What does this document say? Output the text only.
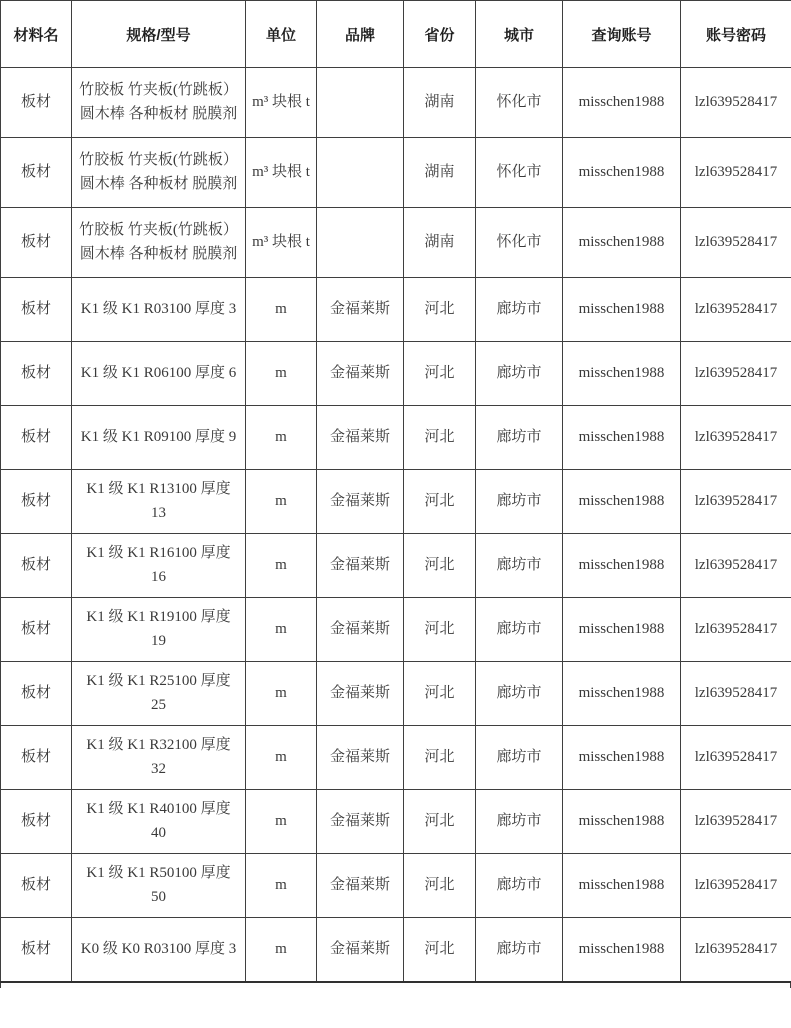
材料名	规格/型号	单位	品牌	省份	城市	查询账号	账号密码
板材	竹胶板 竹夹板(竹跳板） 圆木棒 各种板材 脱膜剂	m³ 块根 t		湖南	怀化市	misschen1988	lzl639528417
板材	竹胶板 竹夹板(竹跳板） 圆木棒 各种板材 脱膜剂	m³ 块根 t		湖南	怀化市	misschen1988	lzl639528417
板材	竹胶板 竹夹板(竹跳板） 圆木棒 各种板材 脱膜剂	m³ 块根 t		湖南	怀化市	misschen1988	lzl639528417
板材	K1 级 K1 R03100 厚度 3	m	金福莱斯	河北	廊坊市	misschen1988	lzl639528417
板材	K1 级 K1 R06100 厚度 6	m	金福莱斯	河北	廊坊市	misschen1988	lzl639528417
板材	K1 级 K1 R09100 厚度 9	m	金福莱斯	河北	廊坊市	misschen1988	lzl639528417
板材	K1 级 K1 R13100 厚度 13	m	金福莱斯	河北	廊坊市	misschen1988	lzl639528417
板材	K1 级 K1 R16100 厚度 16	m	金福莱斯	河北	廊坊市	misschen1988	lzl639528417
板材	K1 级 K1 R19100 厚度 19	m	金福莱斯	河北	廊坊市	misschen1988	lzl639528417
板材	K1 级 K1 R25100 厚度 25	m	金福莱斯	河北	廊坊市	misschen1988	lzl639528417
板材	K1 级 K1 R32100 厚度 32	m	金福莱斯	河北	廊坊市	misschen1988	lzl639528417
板材	K1 级 K1 R40100 厚度 40	m	金福莱斯	河北	廊坊市	misschen1988	lzl639528417
板材	K1 级 K1 R50100 厚度 50	m	金福莱斯	河北	廊坊市	misschen1988	lzl639528417
板材	K0 级 K0 R03100 厚度 3	m	金福莱斯	河北	廊坊市	misschen1988	lzl639528417
